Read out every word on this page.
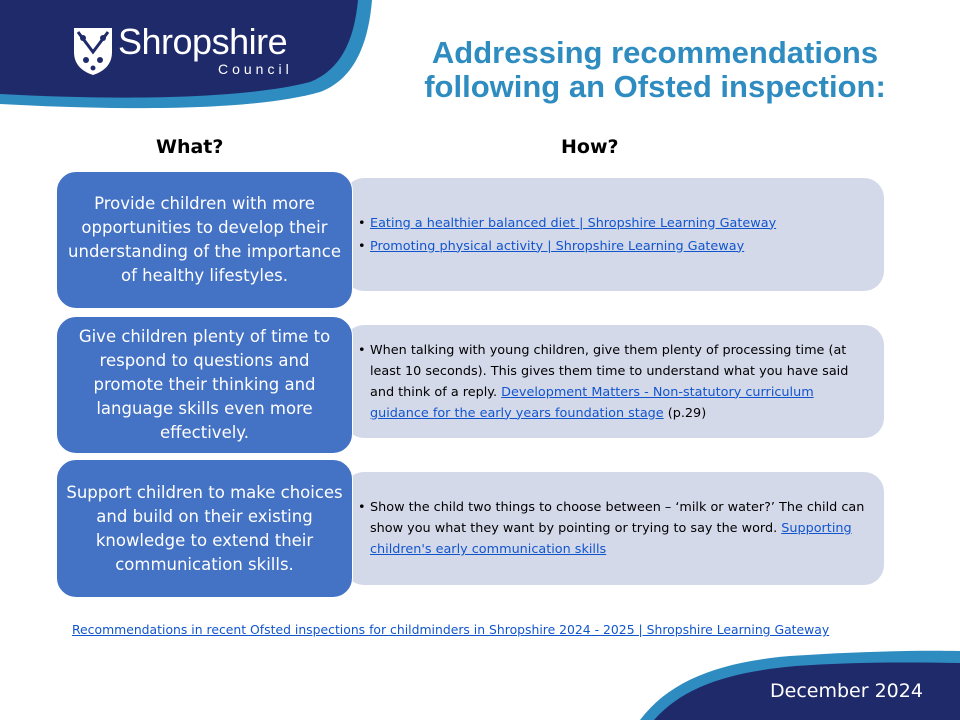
Shropshire
Council	Addressing recommendations
following an Ofsted inspection:
What?	How?
• Eating a healthier balanced diet | Shropshire Learning Gateway
• Promoting physical activity | Shropshire Learning Gateway
Provide children with more opportunities to develop their understanding of the importance of healthy lifestyles.
• When talking with young children, give them plenty of processing time (at least 10 seconds). This gives them time to understand what you have said and think of a reply. Development Matters - Non-statutory curriculum guidance for the early years foundation stage (p.29)
Give children plenty of time to respond to questions and promote their thinking and language skills even more effectively.
• Show the child two things to choose between – ‘milk or water?’ The child can show you what they want by pointing or trying to say the word. Supporting children's early communication skills
Support children to make choices and build on their existing knowledge to extend their communication skills.
Recommendations in recent Ofsted inspections for childminders in Shropshire 2024 - 2025 | Shropshire Learning Gateway
December 2024
